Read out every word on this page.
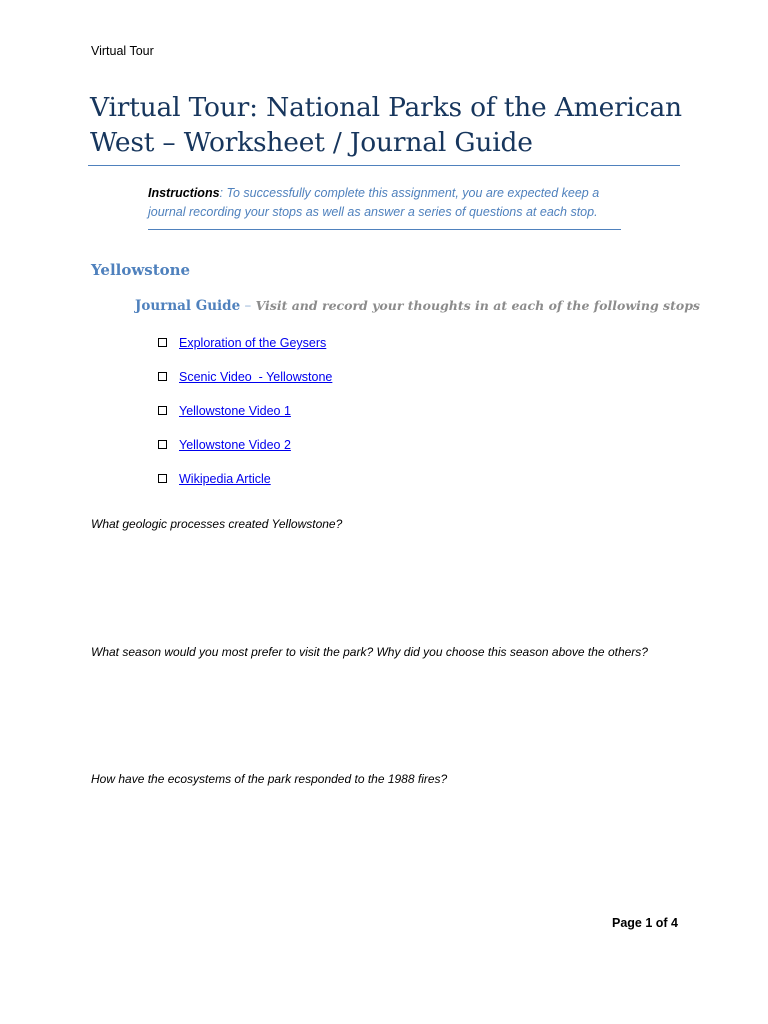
Virtual Tour
Virtual Tour: National Parks of the American West – Worksheet / Journal Guide
Instructions: To successfully complete this assignment, you are expected keep a journal recording your stops as well as answer a series of questions at each stop.
Yellowstone
Journal Guide – Visit and record your thoughts in at each of the following stops
Exploration of the Geysers
Scenic Video  - Yellowstone
Yellowstone Video 1
Yellowstone Video 2
Wikipedia Article
What geologic processes created Yellowstone?
What season would you most prefer to visit the park? Why did you choose this season above the others?
How have the ecosystems of the park responded to the 1988 fires?
Page 1 of 4
